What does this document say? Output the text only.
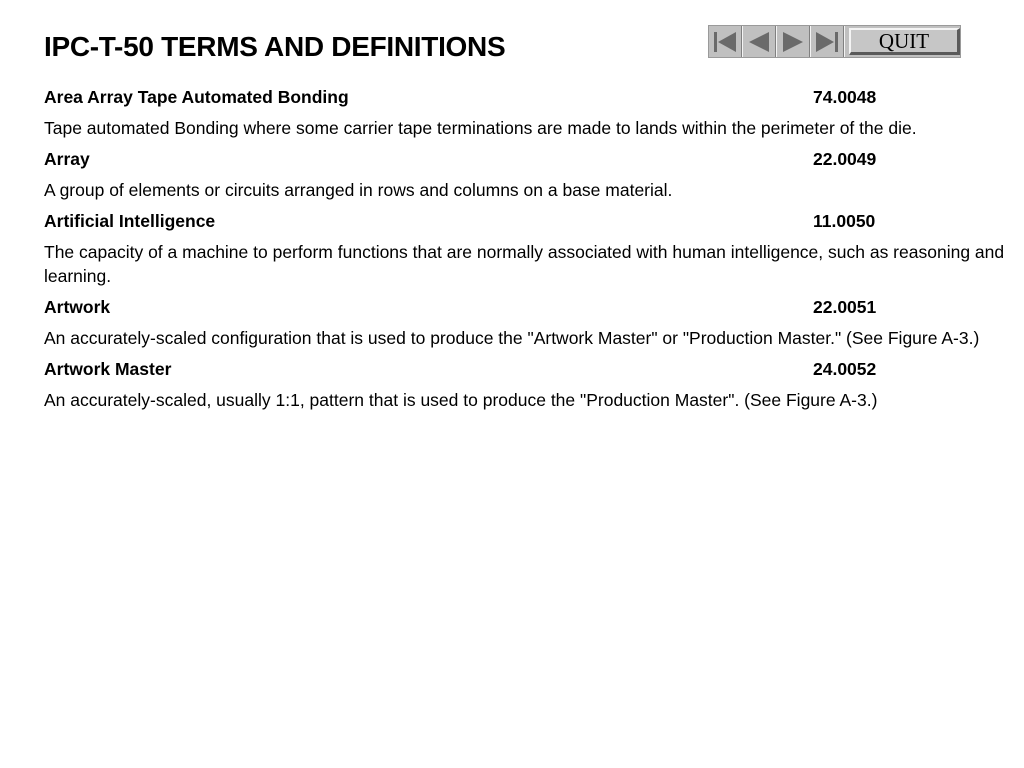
IPC-T-50 TERMS AND DEFINITIONS	QUIT
Area Array Tape Automated Bonding	74.0048

Tape automated Bonding where some carrier tape terminations are made to lands within the perimeter of the die.

Array	22.0049

A group of elements or circuits arranged in rows and columns on a base material.

Artificial Intelligence	11.0050

The capacity of a machine to perform functions that are normally associated with human intelligence, such as reasoning and learning.

Artwork	22.0051

An accurately-scaled configuration that is used to produce the "Artwork Master" or "Production Master." (See Figure A-3.)

Artwork Master	24.0052

An accurately-scaled, usually 1:1, pattern that is used to produce the "Production Master". (See Figure A-3.)
